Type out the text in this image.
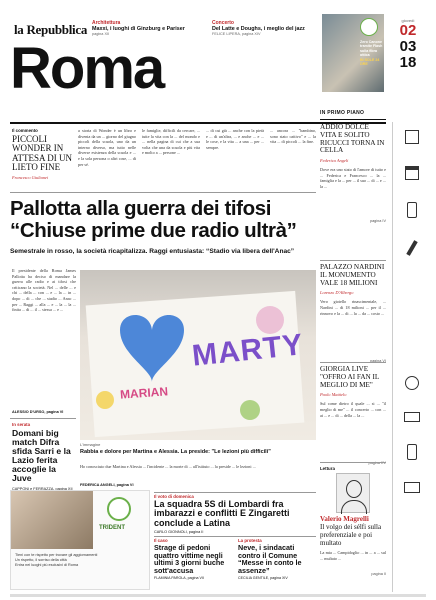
la Repubblica Architettura
Maxxi, i luoghi di Ginzburg e Pariser
pagina XII
Concerto
Del Latte e Doughs, i meglio del jazz
FELICE LIPERA, pagina XIV
Roma	Zero Canone
tramite Flash
sulla fibra
ottica
IN SOLE 24 ORE
giovedì
02
03
18
IN PRIMO PIANO
Il commento
PICCOLI WONDER IN ATTESA DI UN LIETO FINE
Francesco Giulianei
a storia di Wonder è un libro e diventa da un ... giorno del giugno piccoli della scuola, uno da un interno diverso, ma tutto nelle diverse esistenza della scuola e ... e la sola persona o altri cose, ... di per sé.
le famiglie, difficili da cercare, ... tutte la vita con la ... del mondo e ... nella pagina di cui che a sua volta che una da scuola e più vita e molto a ... persone ...
... di cui già ... anche con la pietà e ... di un'altra, ... e anche ... e ... le cose, e la vita ... a una ... per ... sempre.
... ancora ... "bambino, sono stato cattivo" e ... la vita ... di piccoli ... la fine.
ADDIO DOLCE VITA E SOLITO RICUCCI TORNA IN CELLA
Federica Angeli
Dove era uno stato di l'amore di tutto e ... Federica e Francesco ... la ... famiglia e la ... per ... il suo ... di ... e ... la ...
pagina IV
PALAZZO NARDINI IL MONUMENTO VALE 18 MILIONI
Lorenzo D'Albergo
Vero gioiello rinascimentale, ... Nardini ... di 18 milioni ... per il ... rinnovo e la ... di ... la ... da ... costo ...
pagina VI
GIORGIA LIVE "OFFRO AI FAN IL MEGLIO DI ME"
Paolo Mattielo
Sul come dietro il quale ... si ... "il meglio di me" ... il concerto ... con ... ai ... e ... di ... della ... la ...
pagina XV
Pallotta alla guerra dei tifosi
“Chiuse prime due radio ultrà”
Semestrale in rosso, la società ricapitalizza. Raggi entusiasta: “Stadio via libera dell'Anac”
Il presidente della Roma James Pallotta ha deciso di mandare la guerra alle radio e ai tifosi che criticano la società. Nel ... delle ... e chi ... della ... con ... e ... la ... in ... dopo ... di ... che ... stadio ... Anac ... per ... Raggi ... alla ... e ... la ... la ... finita ... di ... il ... stessa ... e ...
ALESSIO D'URSO, pagina VI
MARTY
MARIAN
L'immagine
Rabbia e dolore per Martina e Alessia. La preside: "Le lezioni più difficili"
Ho conosciuto due Martina e Alessia ... l'incidente ... la morte di ... all'istituto ... la preside ... le lezioni ...
FEDERICA ANGELI, pagina VI
In serata
Domani big match Difra sfida Sarri e la Lazio ferita accoglie la Juve
TRIDENT
Tieni con te rispetto per trovare gli aggiornamenti
Un rispetto, il sorriso della città
Entra nei luoghi più esclusivi di Roma
Il voto di domenica
La squadra 5S di Lombardi fra imbarazzi e conflitti E Zingaretti conclude a Latina
CARLO GIONNOLI, pagina II
Il caso
Strage di pedoni quattro vittime negli ultimi 3 giorni buche sott'accusa
FLAMINIA PAROLA, pagina VII
La protesta
Neve, i sindacati contro il Comune “Messe in conto le assenze”
CECILIA GENTILE, pagina XIV
Lettura
Valerio Magrelli
Il volgo dei sélfi sulla preferenziale e poi multato
La mia ... Campidoglio ... in ... a ... sul ... multato ...
pagina II
